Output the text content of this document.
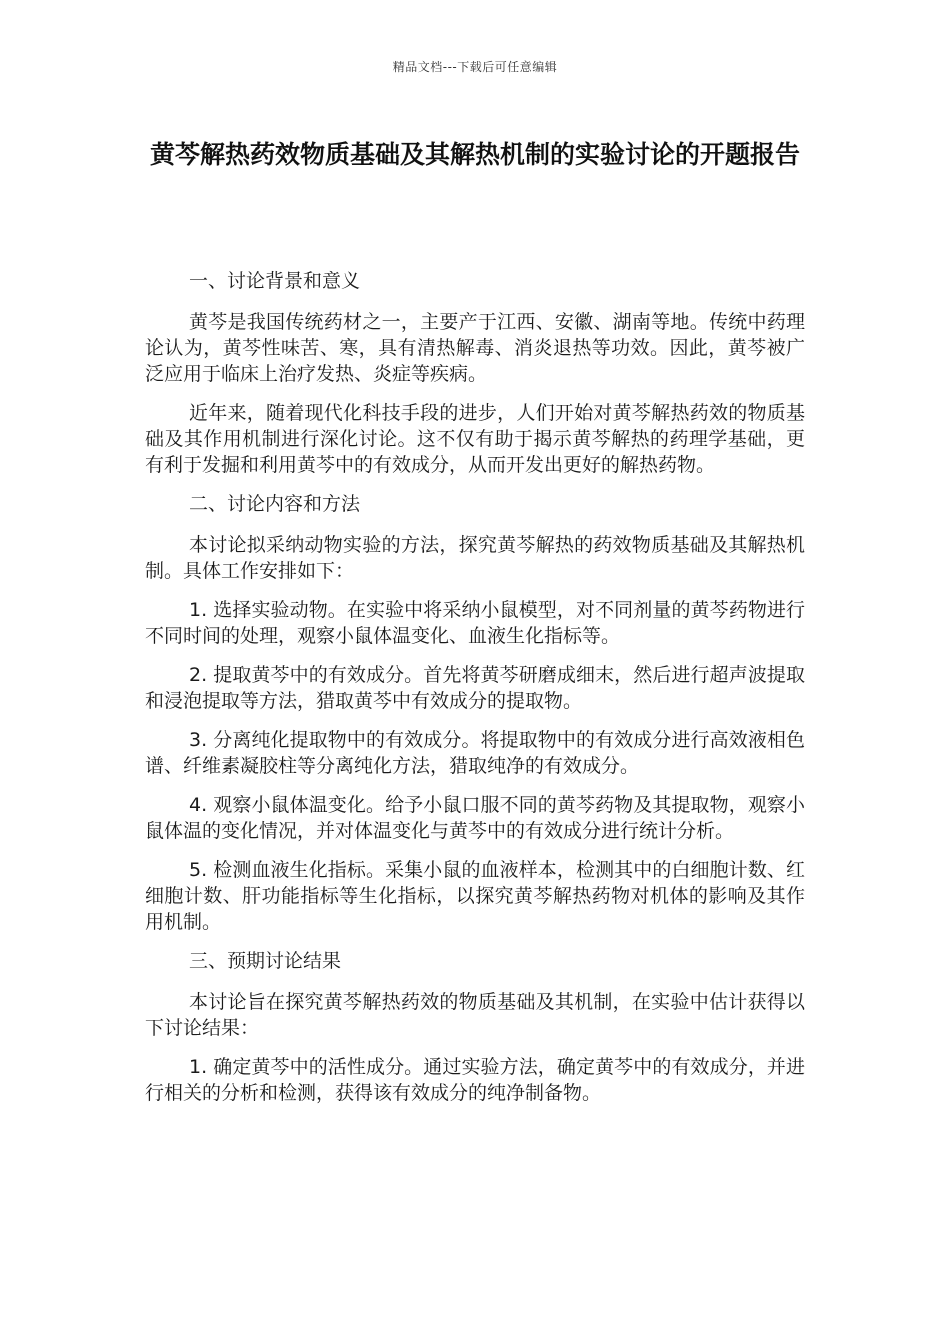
精品文档---下载后可任意编辑
黄芩解热药效物质基础及其解热机制的实验讨论的开题报告

一、讨论背景和意义

黄芩是我国传统药材之一，主要产于江西、安徽、湖南等地。传统中药理论认为，黄芩性味苦、寒，具有清热解毒、消炎退热等功效。因此，黄芩被广泛应用于临床上治疗发热、炎症等疾病。

近年来，随着现代化科技手段的进步，人们开始对黄芩解热药效的物质基础及其作用机制进行深化讨论。这不仅有助于揭示黄芩解热的药理学基础，更有利于发掘和利用黄芩中的有效成分，从而开发出更好的解热药物。

二、讨论内容和方法

本讨论拟采纳动物实验的方法，探究黄芩解热的药效物质基础及其解热机制。具体工作安排如下：

1. 选择实验动物。在实验中将采纳小鼠模型，对不同剂量的黄芩药物进行不同时间的处理，观察小鼠体温变化、血液生化指标等。

2. 提取黄芩中的有效成分。首先将黄芩研磨成细末，然后进行超声波提取和浸泡提取等方法，猎取黄芩中有效成分的提取物。

3. 分离纯化提取物中的有效成分。将提取物中的有效成分进行高效液相色谱、纤维素凝胶柱等分离纯化方法，猎取纯净的有效成分。

4. 观察小鼠体温变化。给予小鼠口服不同的黄芩药物及其提取物，观察小鼠体温的变化情况，并对体温变化与黄芩中的有效成分进行统计分析。

5. 检测血液生化指标。采集小鼠的血液样本，检测其中的白细胞计数、红细胞计数、肝功能指标等生化指标，以探究黄芩解热药物对机体的影响及其作用机制。

三、预期讨论结果

本讨论旨在探究黄芩解热药效的物质基础及其机制，在实验中估计获得以下讨论结果：

1. 确定黄芩中的活性成分。通过实验方法，确定黄芩中的有效成分，并进行相关的分析和检测，获得该有效成分的纯净制备物。
